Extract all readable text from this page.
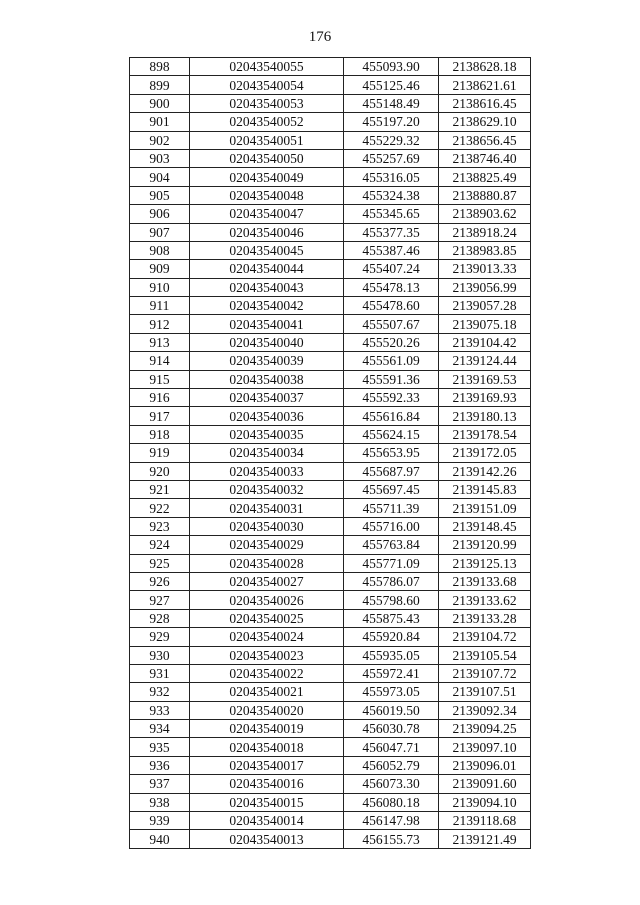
176
898	02043540055	455093.90	2138628.18
899	02043540054	455125.46	2138621.61
900	02043540053	455148.49	2138616.45
901	02043540052	455197.20	2138629.10
902	02043540051	455229.32	2138656.45
903	02043540050	455257.69	2138746.40
904	02043540049	455316.05	2138825.49
905	02043540048	455324.38	2138880.87
906	02043540047	455345.65	2138903.62
907	02043540046	455377.35	2138918.24
908	02043540045	455387.46	2138983.85
909	02043540044	455407.24	2139013.33
910	02043540043	455478.13	2139056.99
911	02043540042	455478.60	2139057.28
912	02043540041	455507.67	2139075.18
913	02043540040	455520.26	2139104.42
914	02043540039	455561.09	2139124.44
915	02043540038	455591.36	2139169.53
916	02043540037	455592.33	2139169.93
917	02043540036	455616.84	2139180.13
918	02043540035	455624.15	2139178.54
919	02043540034	455653.95	2139172.05
920	02043540033	455687.97	2139142.26
921	02043540032	455697.45	2139145.83
922	02043540031	455711.39	2139151.09
923	02043540030	455716.00	2139148.45
924	02043540029	455763.84	2139120.99
925	02043540028	455771.09	2139125.13
926	02043540027	455786.07	2139133.68
927	02043540026	455798.60	2139133.62
928	02043540025	455875.43	2139133.28
929	02043540024	455920.84	2139104.72
930	02043540023	455935.05	2139105.54
931	02043540022	455972.41	2139107.72
932	02043540021	455973.05	2139107.51
933	02043540020	456019.50	2139092.34
934	02043540019	456030.78	2139094.25
935	02043540018	456047.71	2139097.10
936	02043540017	456052.79	2139096.01
937	02043540016	456073.30	2139091.60
938	02043540015	456080.18	2139094.10
939	02043540014	456147.98	2139118.68
940	02043540013	456155.73	2139121.49
